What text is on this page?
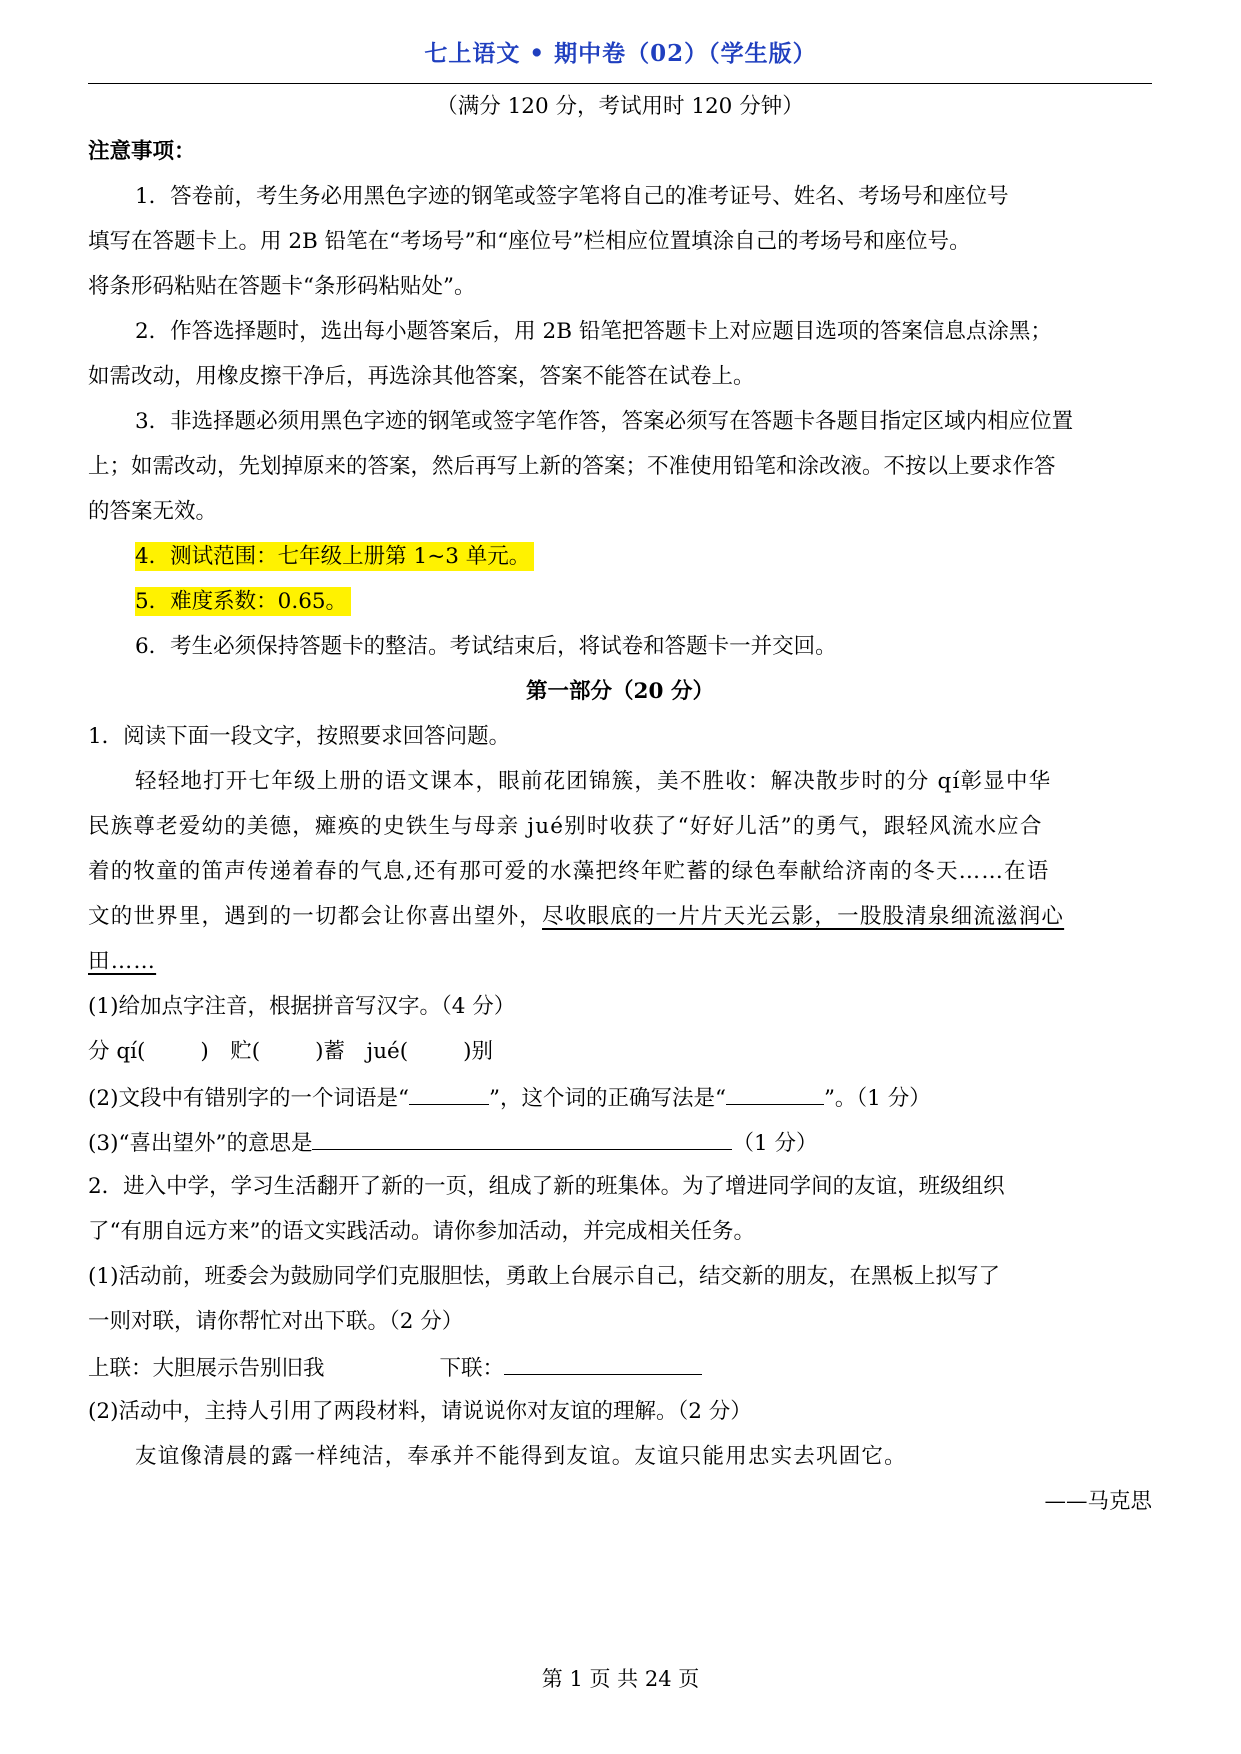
七上语文 • 期中卷（02）（学生版）
（满分 120 分，考试用时 120 分钟）
注意事项：
1．答卷前，考生务必用黑色字迹的钢笔或签字笔将自己的准考证号、姓名、考场号和座位号
填写在答题卡上。用 2B 铅笔在“考场号”和“座位号”栏相应位置填涂自己的考场号和座位号。
将条形码粘贴在答题卡“条形码粘贴处”。
2．作答选择题时，选出每小题答案后，用 2B 铅笔把答题卡上对应题目选项的答案信息点涂黑；
如需改动，用橡皮擦干净后，再选涂其他答案，答案不能答在试卷上。
3．非选择题必须用黑色字迹的钢笔或签字笔作答，答案必须写在答题卡各题目指定区域内相应位置
上；如需改动，先划掉原来的答案，然后再写上新的答案；不准使用铅笔和涂改液。不按以上要求作答
的答案无效。
4．测试范围：七年级上册第 1~3 单元。
5．难度系数：0.65。
6．考生必须保持答题卡的整洁。考试结束后，将试卷和答题卡一并交回。
第一部分（20 分）
1．阅读下面一段文字，按照要求回答问题。
轻轻地打开七年级上册的语文课本，眼前花团锦簇，美不胜收：解决散步时的分 qí彰显中华
民族尊老爱幼的美德，瘫痪的史铁生与母亲 jué别时收获了“好好儿活”的勇气，跟轻风流水应合
着的牧童的笛声传递着春的气息,还有那可爱的水藻把终年贮蓄的绿色奉献给济南的冬天……在语
文的世界里，遇到的一切都会让你喜出望外，尽收眼底的一片片天光云影，一股股清泉细流滋润心
田……
(1)给加点字注音，根据拼音写汉字。（4 分）
分 qí(	)　贮(	)蓄　jué(	)别
(2)文段中有错别字的一个词语是“	”，这个词的正确写法是“	”。（1 分）
(3)“喜出望外”的意思是	（1 分）
2．进入中学，学习生活翻开了新的一页，组成了新的班集体。为了增进同学间的友谊，班级组织
了“有朋自远方来”的语文实践活动。请你参加活动，并完成相关任务。
(1)活动前，班委会为鼓励同学们克服胆怯，勇敢上台展示自己，结交新的朋友，在黑板上拟写了
一则对联，请你帮忙对出下联。（2 分）
上联：大胆展示告别旧我	下联：
(2)活动中，主持人引用了两段材料，请说说你对友谊的理解。（2 分）
友谊像清晨的露一样纯洁，奉承并不能得到友谊。友谊只能用忠实去巩固它。
——马克思
第 1 页 共 24 页
